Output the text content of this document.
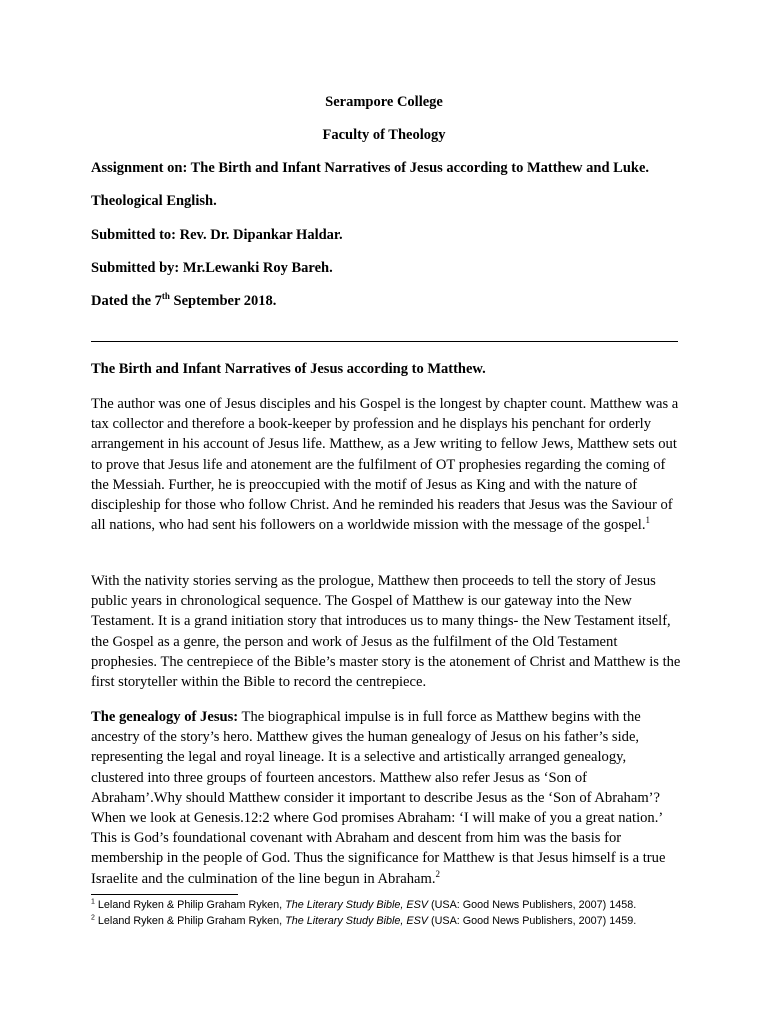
Serampore College
Faculty of Theology
Assignment on: The Birth and Infant Narratives of Jesus according to Matthew and Luke.
Theological English.
Submitted to: Rev. Dr. Dipankar Haldar.
Submitted by: Mr.Lewanki Roy Bareh.
Dated the 7th September 2018.
The Birth and Infant Narratives of Jesus according to Matthew.
The author was one of Jesus disciples and his Gospel is the longest by chapter count. Matthew was a tax collector and therefore a book-keeper by profession and he displays his penchant for orderly arrangement in his account of Jesus life. Matthew, as a Jew writing to fellow Jews, Matthew sets out to prove that Jesus life and atonement are the fulfilment of OT prophesies regarding the coming of the Messiah. Further, he is preoccupied with the motif of Jesus as King and with the nature of discipleship for those who follow Christ. And he reminded his readers that Jesus was the Saviour of all nations, who had sent his followers on a worldwide mission with the message of the gospel.$^1$
With the nativity stories serving as the prologue, Matthew then proceeds to tell the story of Jesus public years in chronological sequence. The Gospel of Matthew is our gateway into the New Testament. It is a grand initiation story that introduces us to many things- the New Testament itself, the Gospel as a genre, the person and work of Jesus as the fulfilment of the Old Testament prophesies. The centrepiece of the Bible’s master story is the atonement of Christ and Matthew is the first storyteller within the Bible to record the centrepiece.
The genealogy of Jesus: The biographical impulse is in full force as Matthew begins with the ancestry of the story’s hero. Matthew gives the human genealogy of Jesus on his father’s side, representing the legal and royal lineage. It is a selective and artistically arranged genealogy, clustered into three groups of fourteen ancestors. Matthew also refer Jesus as ‘Son of Abraham’.Why should Matthew consider it important to describe Jesus as the ‘Son of Abraham’? When we look at Genesis.12:2 where God promises Abraham: ‘I will make of you a great nation.’ This is God’s foundational covenant with Abraham and descent from him was the basis for membership in the people of God. Thus the significance for Matthew is that Jesus himself is a true Israelite and the culmination of the line begun in Abraham.$^2$
$^1$ Leland Ryken & Philip Graham Ryken, The Literary Study Bible, ESV (USA: Good News Publishers, 2007) 1458.
$^2$ Leland Ryken & Philip Graham Ryken, The Literary Study Bible, ESV (USA: Good News Publishers, 2007) 1459.
